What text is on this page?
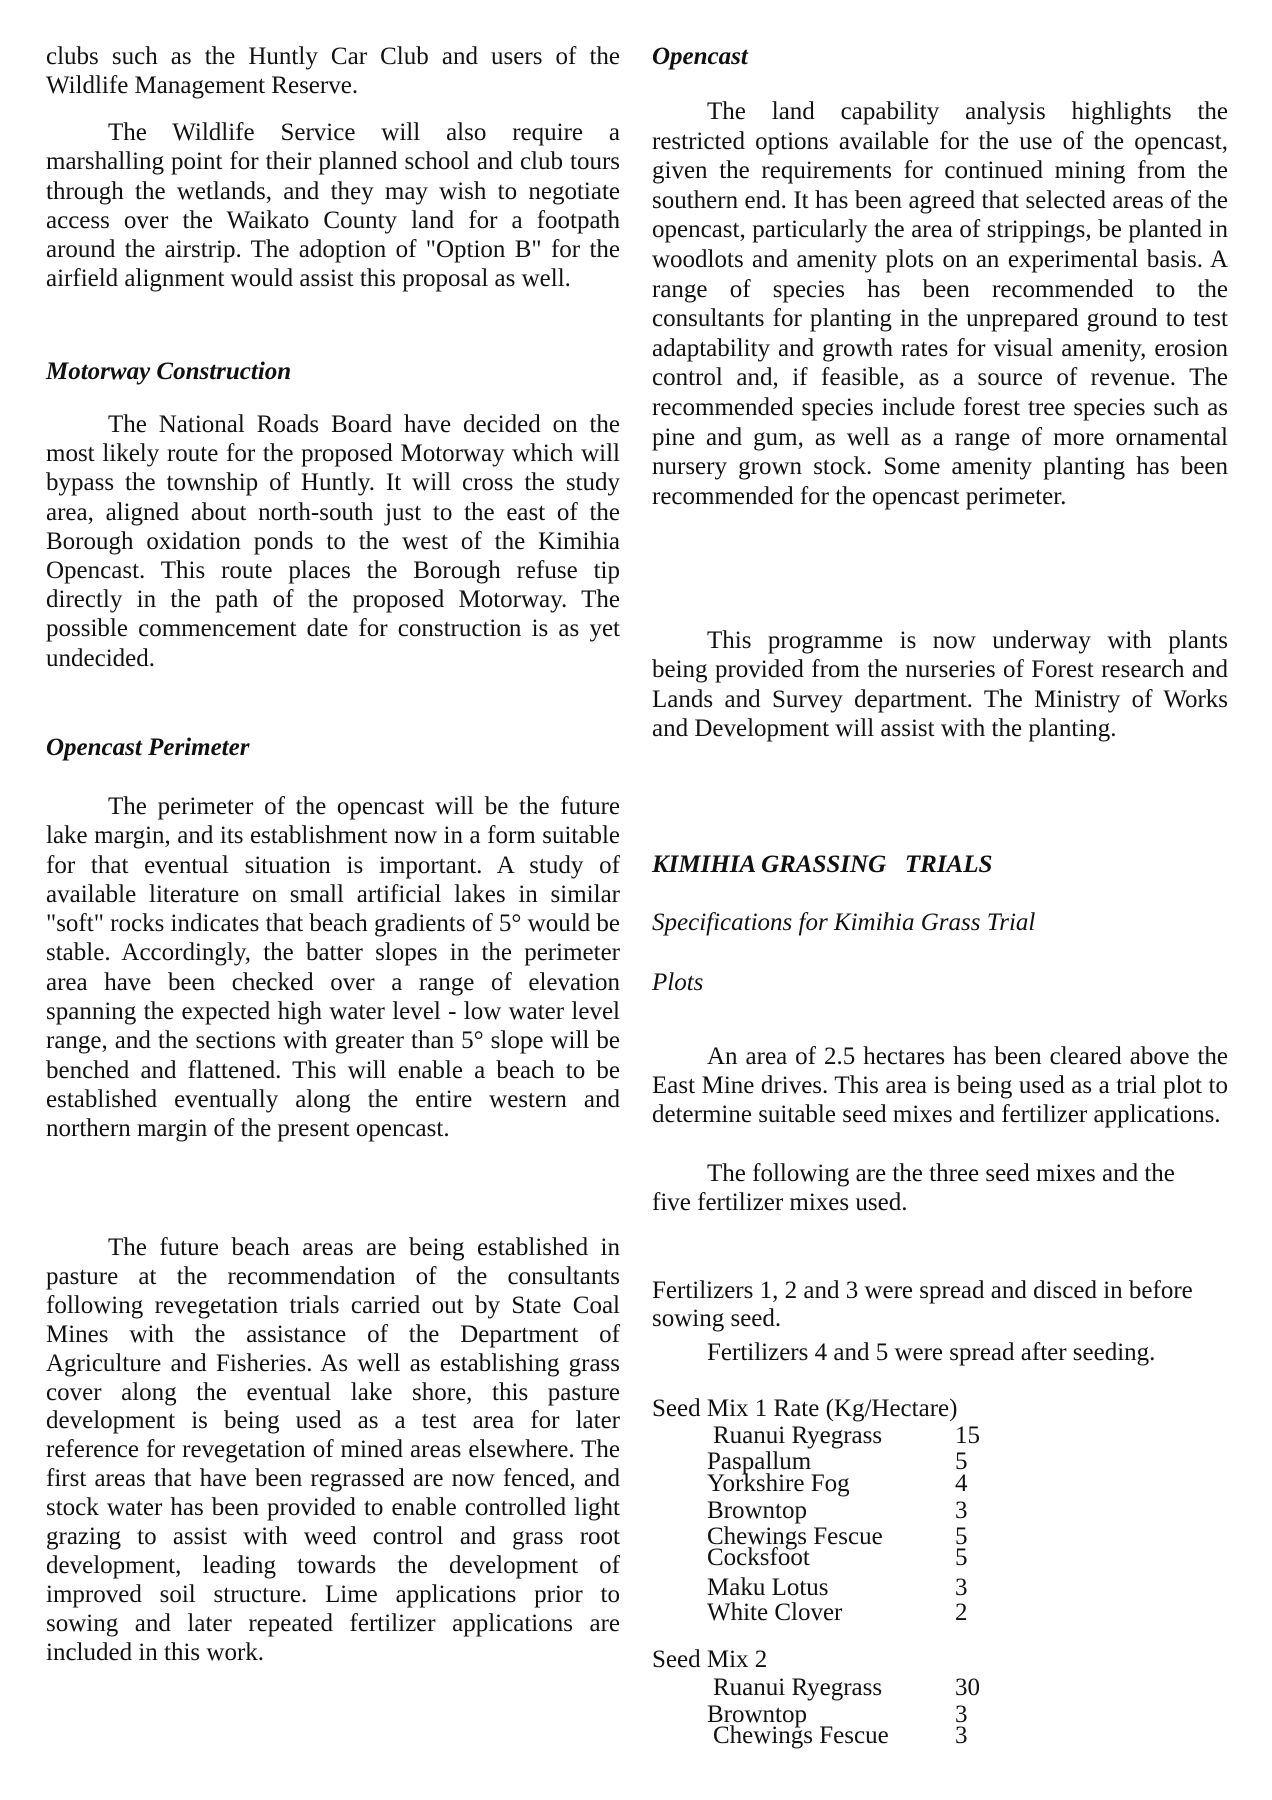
clubs such as the Huntly Car Club and users of the Wildlife Management Reserve.

The Wildlife Service will also require a marshalling point for their planned school and club tours through the wetlands, and they may wish to negotiate access over the Waikato County land for a footpath around the airstrip. The adoption of "Option B" for the airfield alignment would assist this proposal as well.

Motorway Construction

The National Roads Board have decided on the most likely route for the proposed Motorway which will bypass the township of Huntly. It will cross the study area, aligned about north-south just to the east of the Borough oxidation ponds to the west of the Kimihia Opencast. This route places the Borough refuse tip directly in the path of the proposed Motorway. The possible commencement date for construction is as yet undecided.

Opencast Perimeter

The perimeter of the opencast will be the future lake margin, and its establishment now in a form suitable for that eventual situation is important. A study of available literature on small artificial lakes in similar "soft" rocks indicates that beach gradients of 5° would be stable. Accordingly, the batter slopes in the perimeter area have been checked over a range of elevation spanning the expected high water level - low water level range, and the sections with greater than 5° slope will be benched and flattened. This will enable a beach to be established eventually along the entire western and northern margin of the present opencast.

The future beach areas are being established in pasture at the recommendation of the consultants following revegetation trials carried out by State Coal Mines with the assistance of the Department of Agriculture and Fisheries. As well as establishing grass cover along the eventual lake shore, this pasture development is being used as a test area for later reference for revegetation of mined areas elsewhere. The first areas that have been regrassed are now fenced, and stock water has been provided to enable controlled light grazing to assist with weed control and grass root development, leading towards the development of improved soil structure. Lime applications prior to sowing and later repeated fertilizer applications are included in this work.

Opencast

The land capability analysis highlights the restricted options available for the use of the opencast, given the requirements for continued mining from the southern end. It has been agreed that selected areas of the opencast, particularly the area of strippings, be planted in woodlots and amenity plots on an experimental basis. A range of species has been recommended to the consultants for planting in the unprepared ground to test adaptability and growth rates for visual amenity, erosion control and, if feasible, as a source of revenue. The recommended species include forest tree species such as pine and gum, as well as a range of more ornamental nursery grown stock. Some amenity planting has been recommended for the opencast perimeter.

This programme is now underway with plants being provided from the nurseries of Forest research and Lands and Survey department. The Ministry of Works and Development will assist with the planting.

KIMIHIA GRASSING   TRIALS

Specifications for Kimihia Grass Trial

Plots

An area of 2.5 hectares has been cleared above the East Mine drives. This area is being used as a trial plot to determine suitable seed mixes and fertilizer applications.

The following are the three seed mixes and the five fertilizer mixes used.

Fertilizers 1, 2 and 3 were spread and disced in before sowing seed.

Fertilizers 4 and 5 were spread after seeding.

Seed Mix 1 Rate (Kg/Hectare)
Ruanui Ryegrass	15
Paspallum	5
Yorkshire Fog	4
Browntop	3
Chewings Fescue	5
Cocksfoot	5
Maku Lotus	3
White Clover	2
Seed Mix 2
Ruanui Ryegrass	30
Browntop	3
Chewings Fescue	3
